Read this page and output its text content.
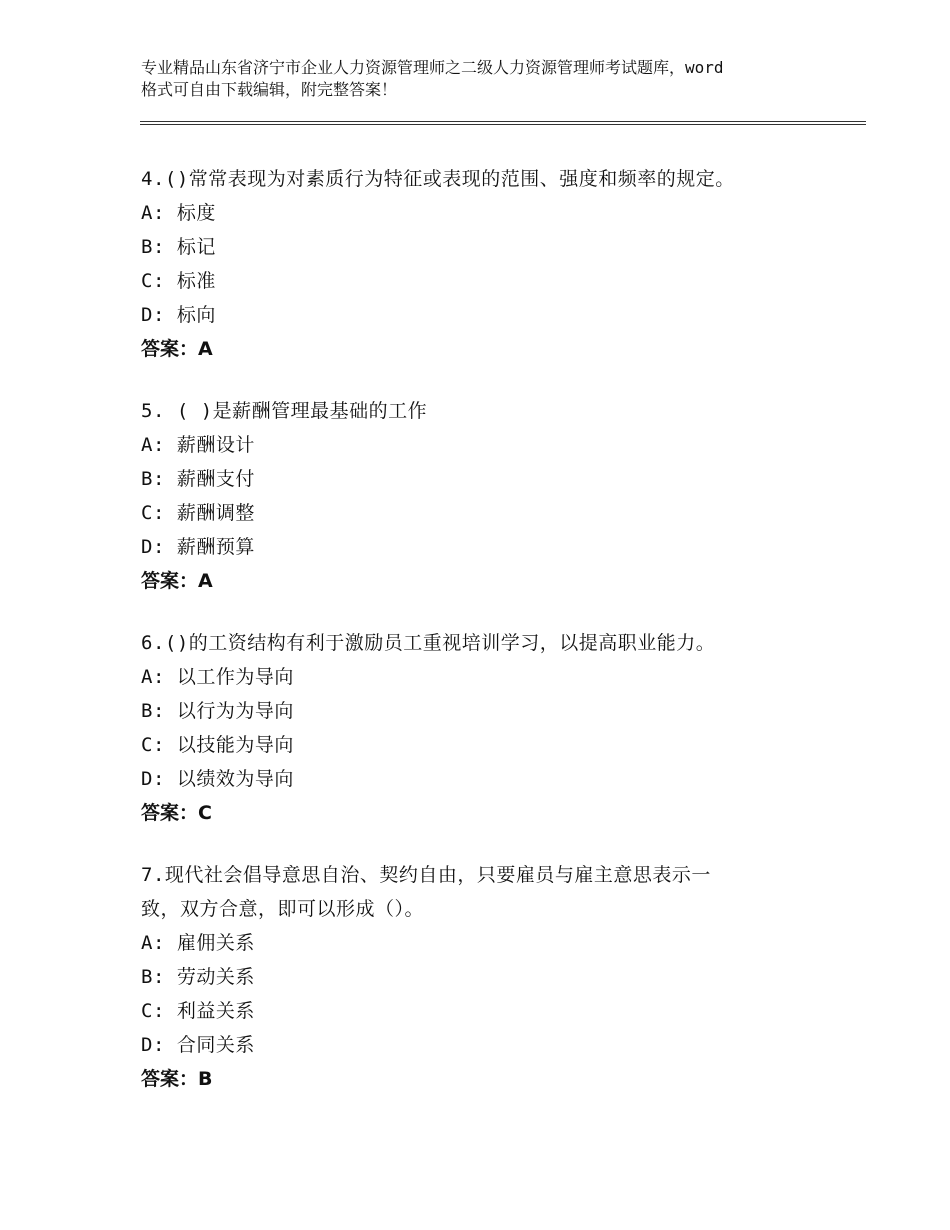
专业精品山东省济宁市企业人力资源管理师之二级人力资源管理师考试题库，word
格式可自由下载编辑，附完整答案！

4.()常常表现为对素质行为特征或表现的范围、强度和频率的规定。

A: 标度

B: 标记

C: 标准

D: 标向

答案：A

5. ( )是薪酬管理最基础的工作

A: 薪酬设计

B: 薪酬支付

C: 薪酬调整

D: 薪酬预算

答案：A

6.()的工资结构有利于激励员工重视培训学习，以提高职业能力。

A: 以工作为导向

B: 以行为为导向

C: 以技能为导向

D: 以绩效为导向

答案：C

7.现代社会倡导意思自治、契约自由，只要雇员与雇主意思表示一

致，双方合意，即可以形成（）。

A: 雇佣关系

B: 劳动关系

C: 利益关系

D: 合同关系

答案：B
